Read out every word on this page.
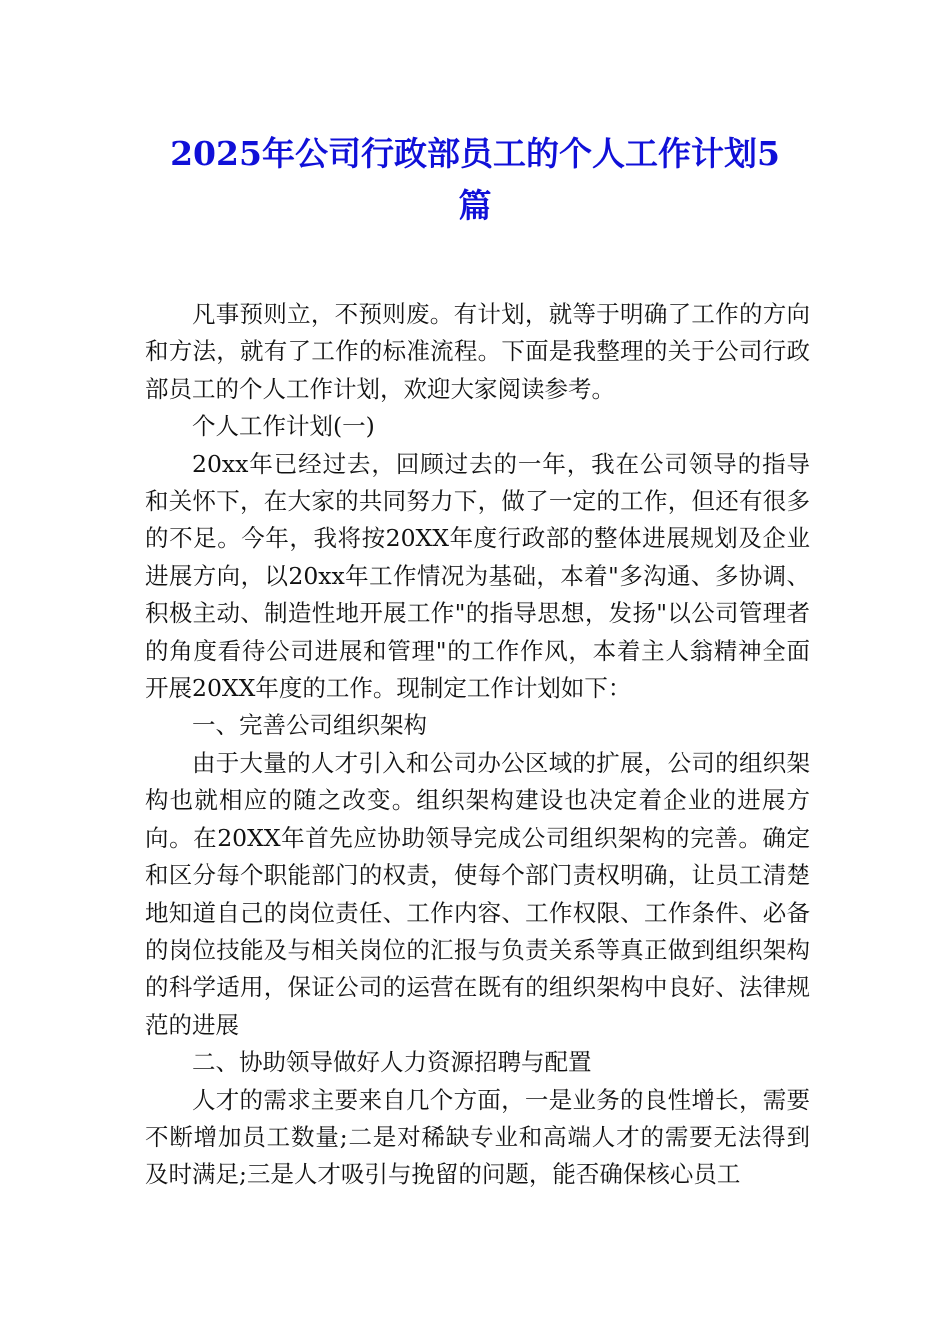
2025年公司行政部员工的个人工作计划5
篇

凡事预则立，不预则废。有计划，就等于明确了工作的方向和方法，就有了工作的标准流程。下面是我整理的关于公司行政部员工的个人工作计划，欢迎大家阅读参考。

个人工作计划(一)

20xx年已经过去，回顾过去的一年，我在公司领导的指导和关怀下，在大家的共同努力下，做了一定的工作，但还有很多的不足。今年，我将按20XX年度行政部的整体进展规划及企业进展方向，以20xx年工作情况为基础，本着"多沟通、多协调、积极主动、制造性地开展工作"的指导思想，发扬"以公司管理者的角度看待公司进展和管理"的工作作风，本着主人翁精神全面开展20XX年度的工作。现制定工作计划如下：

一、完善公司组织架构

由于大量的人才引入和公司办公区域的扩展，公司的组织架构也就相应的随之改变。组织架构建设也决定着企业的进展方向。在20XX年首先应协助领导完成公司组织架构的完善。确定和区分每个职能部门的权责，使每个部门责权明确，让员工清楚地知道自己的岗位责任、工作内容、工作权限、工作条件、必备的岗位技能及与相关岗位的汇报与负责关系等真正做到组织架构的科学适用，保证公司的运营在既有的组织架构中良好、法律规范的进展

二、协助领导做好人力资源招聘与配置

人才的需求主要来自几个方面，一是业务的良性增长，需要不断增加员工数量;二是对稀缺专业和高端人才的需要无法得到及时满足;三是人才吸引与挽留的问题，能否确保核心员工
